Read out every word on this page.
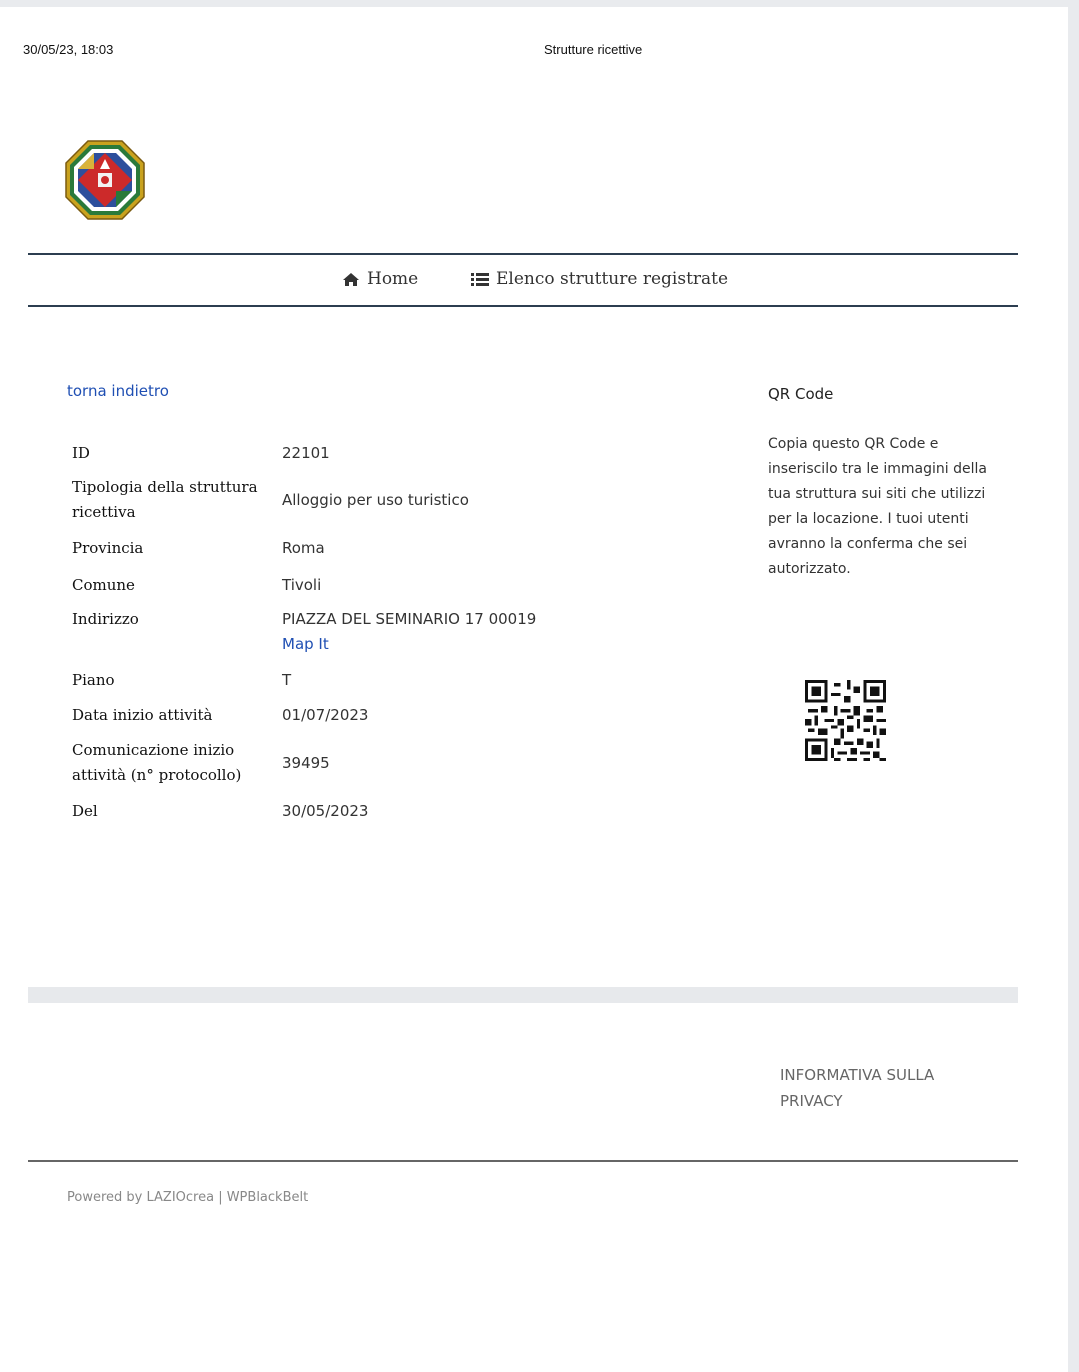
30/05/23, 18:03	Strutture ricettive
Home	Elenco strutture registrate
torna indietro
ID	22101
Tipologia della struttura ricettiva	Alloggio per uso turistico
Provincia	Roma
Comune	Tivoli
Indirizzo	PIAZZA DEL SEMINARIO 17 00019
Map It

Piano	T
Data inizio attività	01/07/2023
Comunicazione inizio attività (n° protocollo)	39495
Del	30/05/2023
QR Code
Copia questo QR Code e inseriscilo tra le immagini della tua struttura sui siti che utilizzi per la locazione. I tuoi utenti avranno la conferma che sei autorizzato.
INFORMATIVA SULLA PRIVACY
Powered by LAZIOcrea | WPBlackBelt
